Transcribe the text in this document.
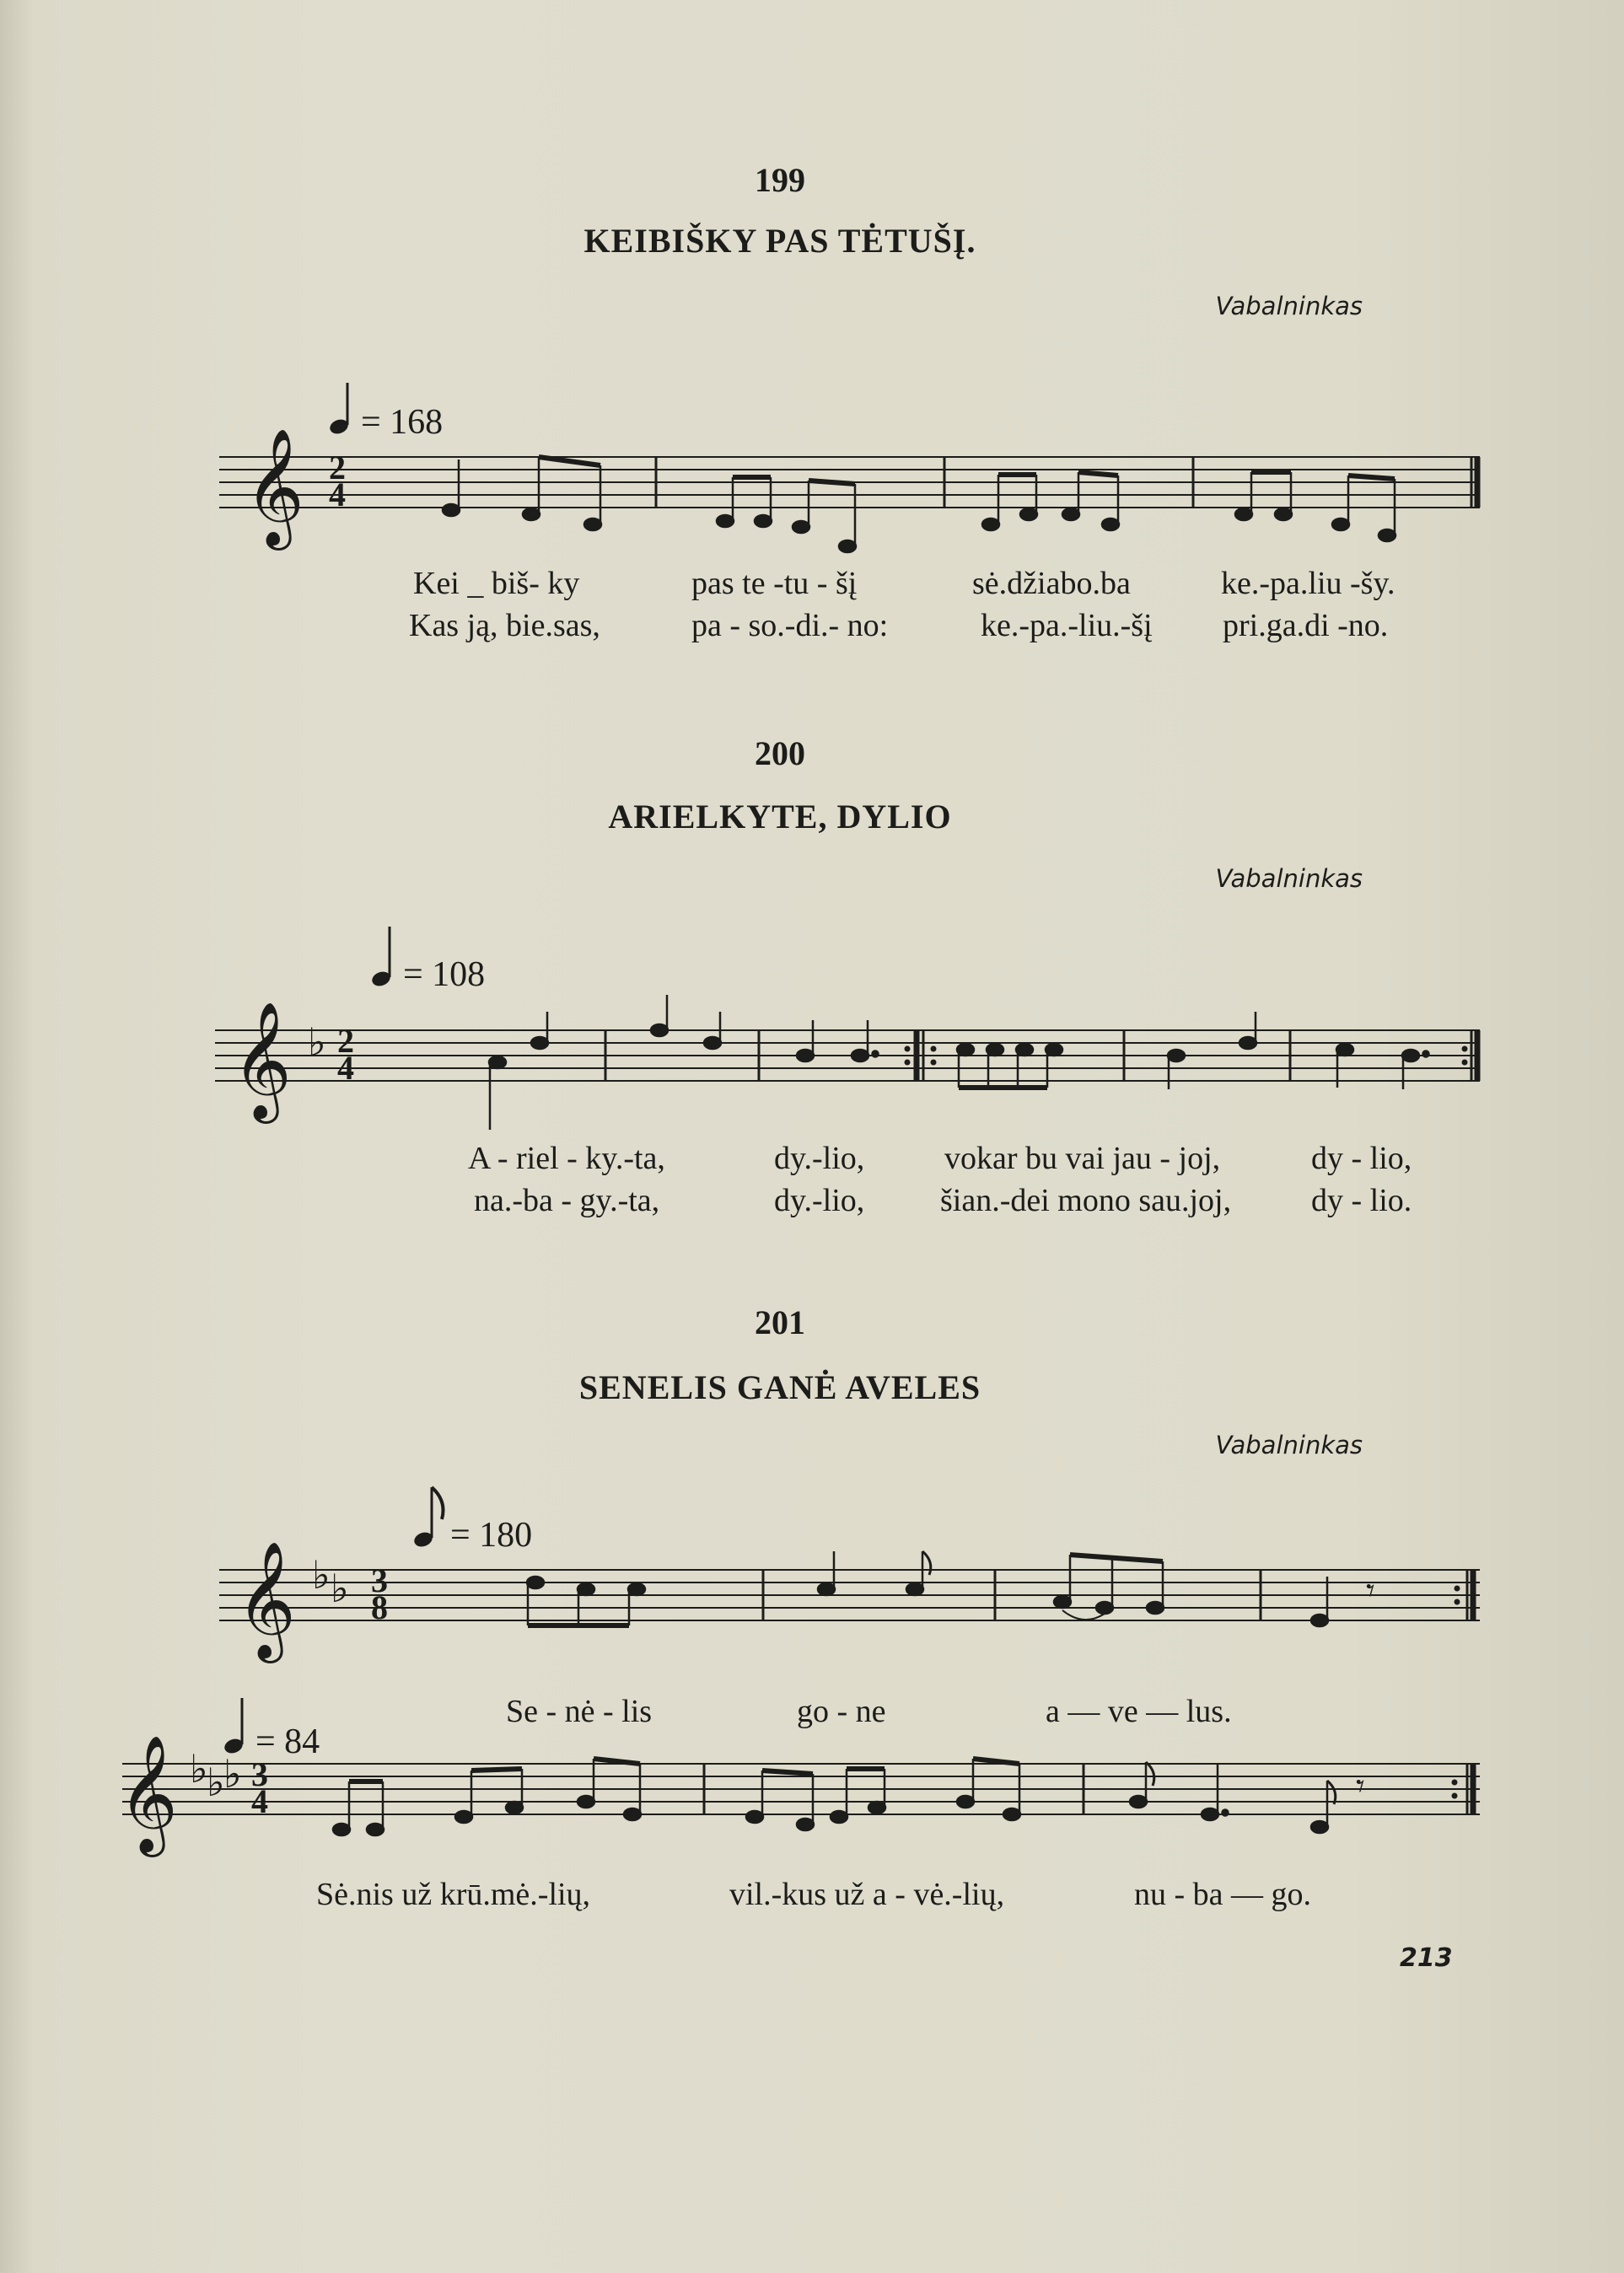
199
KEIBIŠKY PAS TĖTUŠĮ.
Vabalninkas
= 168
𝄞 2
4
Kei _ biš- ky	pas te -tu - šį	sė.džiabo.ba	ke.-pa.liu -šy.
Kas ją, bie.sas,	pa - so.-di.- no:	ke.-pa.-liu.-šį pri.ga.di -no.
200
ARIELKYTE, DYLIO
Vabalninkas
= 108
𝄞 ♭ 2
4
A - riel - ky.-ta,	dy.-lio, vokar bu vai jau - joj,	dy - lio,
na.-ba - gy.-ta,	dy.-lio, šian.-dei mono sau.joj, dy - lio.
201
SENELIS GANĖ AVELES
Vabalninkas
= 180
𝄞 ♭ ♭ 3
8	𝄾
Se - nė - lis	go - ne	a — ve — lus.
= 84
𝄞 ♭
♭
♭ 3
4	𝄾
Sė.nis už krū.mė.-lių,	vil.-kus už a - vė.-lių,	nu - ba — go.
213
